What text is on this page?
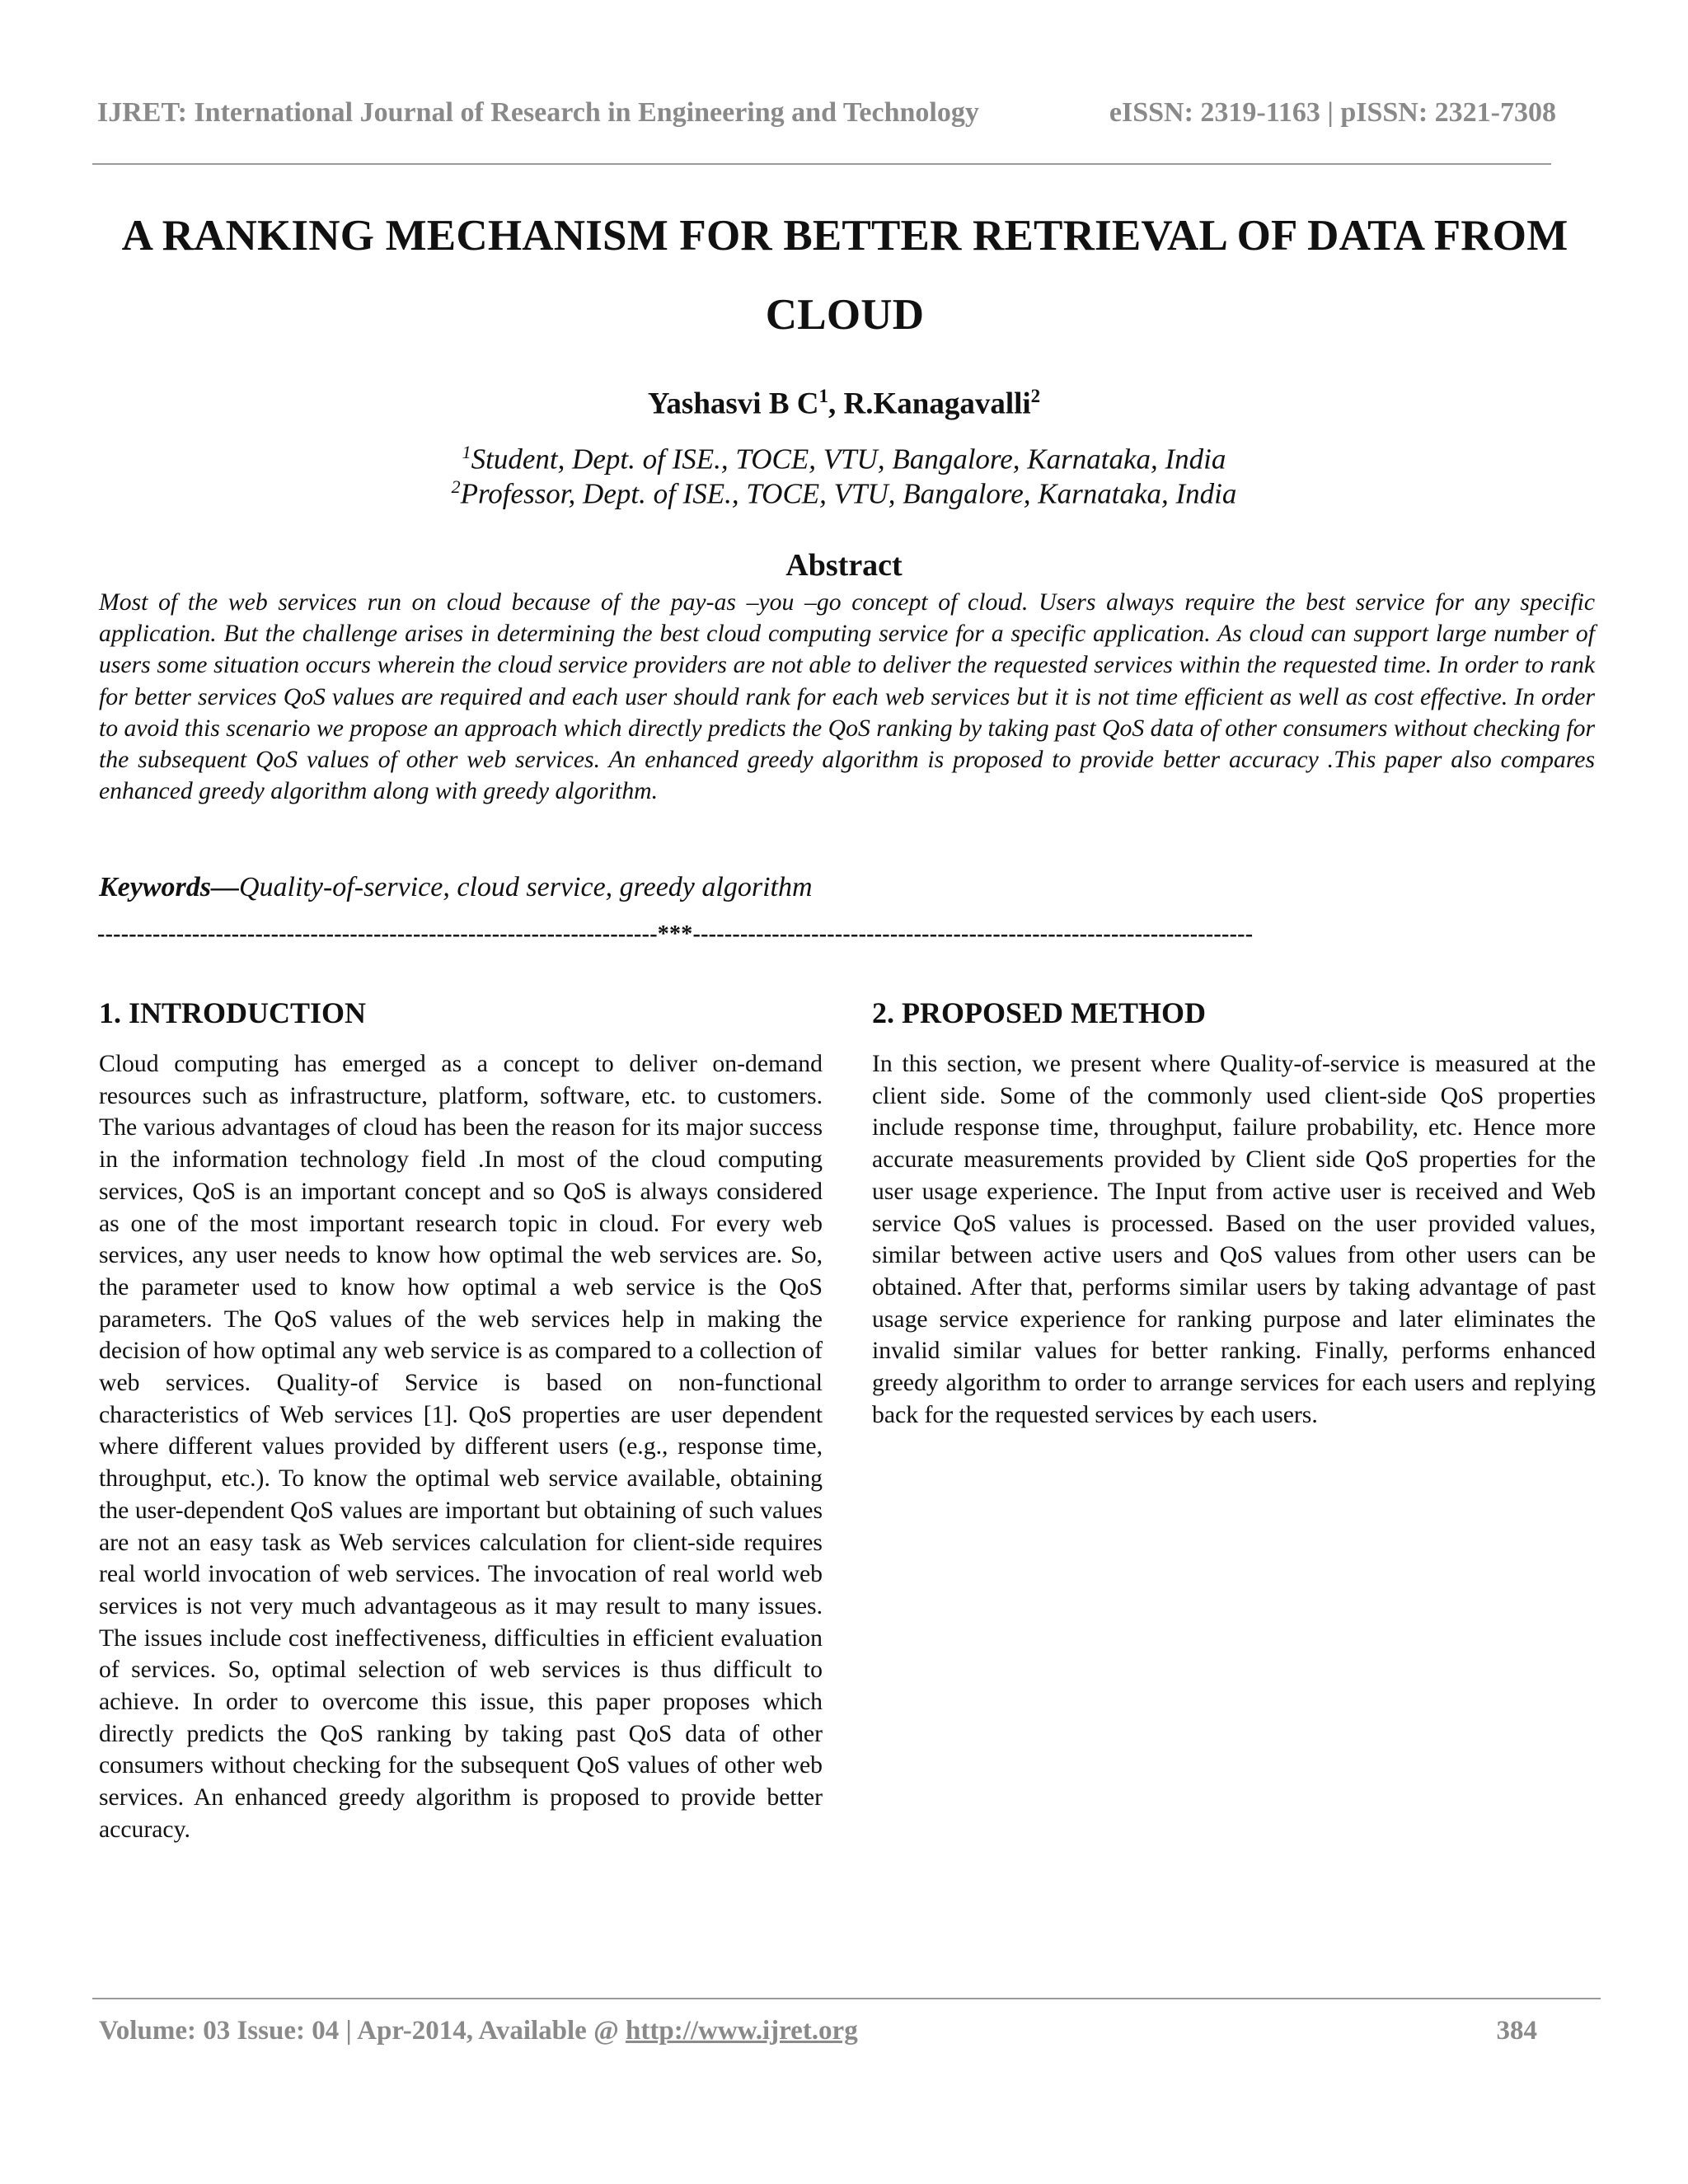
IJRET: International Journal of Research in Engineering and Technology	eISSN: 2319-1163 | pISSN: 2321-7308
A RANKING MECHANISM FOR BETTER RETRIEVAL OF DATA FROM CLOUD
Yashasvi B $C^1$, R.Kanagavalli$^2$
$^1$Student, Dept. of ISE., TOCE, VTU, Bangalore, Karnataka, India
$^2$Professor, Dept. of ISE., TOCE, VTU, Bangalore, Karnataka, India
Abstract

Most of the web services run on cloud because of the pay-as –you –go concept of cloud. Users always require the best service for any specific application. But the challenge arises in determining the best cloud computing service for a specific application. As cloud can support large number of users some situation occurs wherein the cloud service providers are not able to deliver the requested services within the requested time. In order to rank for better services QoS values are required and each user should rank for each web services but it is not time efficient as well as cost effective. In order to avoid this scenario we propose an approach which directly predicts the QoS ranking by taking past QoS data of other consumers without checking for the subsequent QoS values of other web services. An enhanced greedy algorithm is proposed to provide better accuracy .This paper also compares enhanced greedy algorithm along with greedy algorithm.

Keywords—Quality-of-service, cloud service, greedy algorithm
-----------------------------------------------------------------------***-----------------------------------------------------------------------
1. INTRODUCTION

Cloud computing has emerged as a concept to deliver on-demand resources such as infrastructure, platform, software, etc. to customers. The various advantages of cloud has been the reason for its major success in the information technology field .In most of the cloud computing services, QoS is an important concept and so QoS is always considered as one of the most important research topic in cloud. For every web services, any user needs to know how optimal the web services are. So, the parameter used to know how optimal a web service is the QoS parameters. The QoS values of the web services help in making the decision of how optimal any web service is as compared to a collection of web services. Quality-of Service is based on non-functional characteristics of Web services [1]. QoS properties are user dependent where different values provided by different users (e.g., response time, throughput, etc.). To know the optimal web service available, obtaining the user-dependent QoS values are important but obtaining of such values are not an easy task as Web services calculation for client-side requires real world invocation of web services. The invocation of real world web services is not very much advantageous as it may result to many issues. The issues include cost ineffectiveness, difficulties in efficient evaluation of services. So, optimal selection of web services is thus difficult to achieve. In order to overcome this issue, this paper proposes which directly predicts the QoS ranking by taking past QoS data of other consumers without checking for the subsequent QoS values of other web services. An enhanced greedy algorithm is proposed to provide better accuracy.

2. PROPOSED METHOD

In this section, we present where Quality-of-service is measured at the client side. Some of the commonly used client-side QoS properties include response time, throughput, failure probability, etc. Hence more accurate measurements provided by Client side QoS properties for the user usage experience. The Input from active user is received and Web service QoS values is processed. Based on the user provided values, similar between active users and QoS values from other users can be obtained. After that, performs similar users by taking advantage of past usage service experience for ranking purpose and later eliminates the invalid similar values for better ranking. Finally, performs enhanced greedy algorithm to order to arrange services for each users and replying back for the requested services by each users.

Volume: 03 Issue: 04 | Apr-2014, Available @ http://www.ijret.org	384
